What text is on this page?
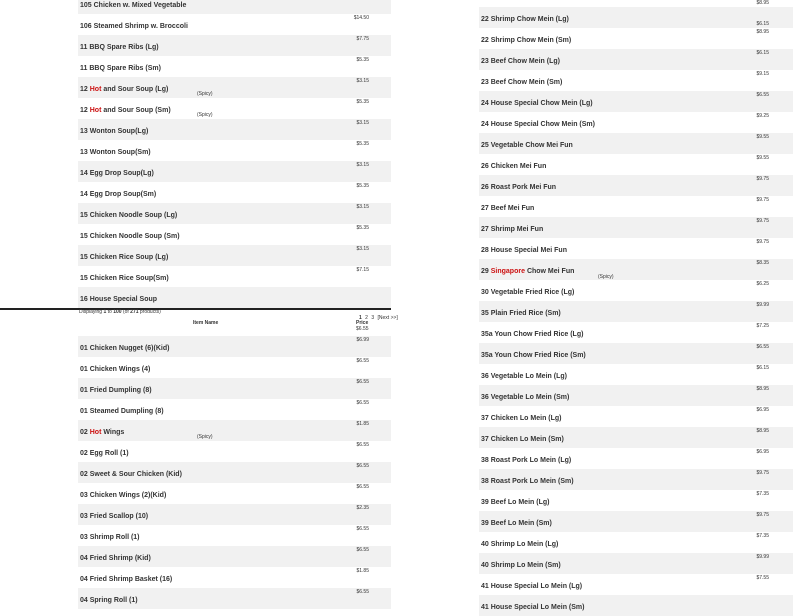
105 Chicken w. Mixed Vegetable
106 Steamed Shrimp w. Broccoli
$14.50
11 BBQ Spare Ribs (Lg)
$7.75
11 BBQ Spare Ribs (Sm)
$5.35
12 Hot and Sour Soup (Lg)
(Spicy)
$3.15
12 Hot and Sour Soup (Sm)
(Spicy)
$5.35
13 Wonton Soup(Lg)
$3.15
13 Wonton Soup(Sm)
$5.35
14 Egg Drop Soup(Lg)
$3.15
14 Egg Drop Soup(Sm)
$5.35
15 Chicken Noodle Soup (Lg)
$3.15
15 Chicken Noodle Soup (Sm)
$5.35
15 Chicken Rice Soup (Lg)
$3.15
15 Chicken Rice Soup(Sm)
$7.15
16 House Special Soup
Displaying 1 to 100 (of 271 products)
1 2 3 [Next >>]
Item Name	Price
$6.55
01 Chicken Nugget (6)(Kid)
$6.99
01 Chicken Wings (4)
$6.55
01 Fried Dumpling (8)
$6.55
01 Steamed Dumpling (8)
$6.55
02 Hot Wings
(Spicy)
$1.85
02 Egg Roll (1)
$6.55
02 Sweet & Sour Chicken (Kid)
$6.55
03 Chicken Wings (2)(Kid)
$6.55
03 Fried Scallop (10)
$2.35
03 Shrimp Roll (1)
$6.55
04 Fried Shrimp (Kid)
$6.55
04 Fried Shrimp Basket (16)
$1.85
04 Spring Roll (1)
$6.55
22 Shrimp Chow Mein (Lg)
$8.95
$6.15
22 Shrimp Chow Mein (Sm)
$8.95
23 Beef Chow Mein (Lg)
$6.15
23 Beef Chow Mein (Sm)
$9.15
24 House Special Chow Mein (Lg)
$6.55
24 House Special Chow Mein (Sm)
$9.25
25 Vegetable Chow Mei Fun
$9.55
26 Chicken Mei Fun
$9.55
26 Roast Pork Mei Fun
$9.75
27 Beef Mei Fun
$9.75
27 Shrimp Mei Fun
$9.75
28 House Special Mei Fun
$9.75
29 Singapore Chow Mei Fun
(Spicy)
$8.35
30 Vegetable Fried Rice (Lg)
$6.25
35 Plain Fried Rice (Sm)
$9.99
35a Youn Chow Fried Rice (Lg)
$7.25
35a Youn Chow Fried Rice (Sm)
$6.55
36 Vegetable Lo Mein (Lg)
$6.15
36 Vegetable Lo Mein (Sm)
$8.95
37 Chicken Lo Mein (Lg)
$6.95
37 Chicken Lo Mein (Sm)
$8.95
38 Roast Pork Lo Mein (Lg)
$6.95
38 Roast Pork Lo Mein (Sm)
$9.75
39 Beef Lo Mein (Lg)
$7.35
39 Beef Lo Mein (Sm)
$9.75
40 Shrimp Lo Mein (Lg)
$7.35
40 Shrimp Lo Mein (Sm)
$9.99
41 House Special Lo Mein (Lg)
$7.55
41 House Special Lo Mein (Sm)
